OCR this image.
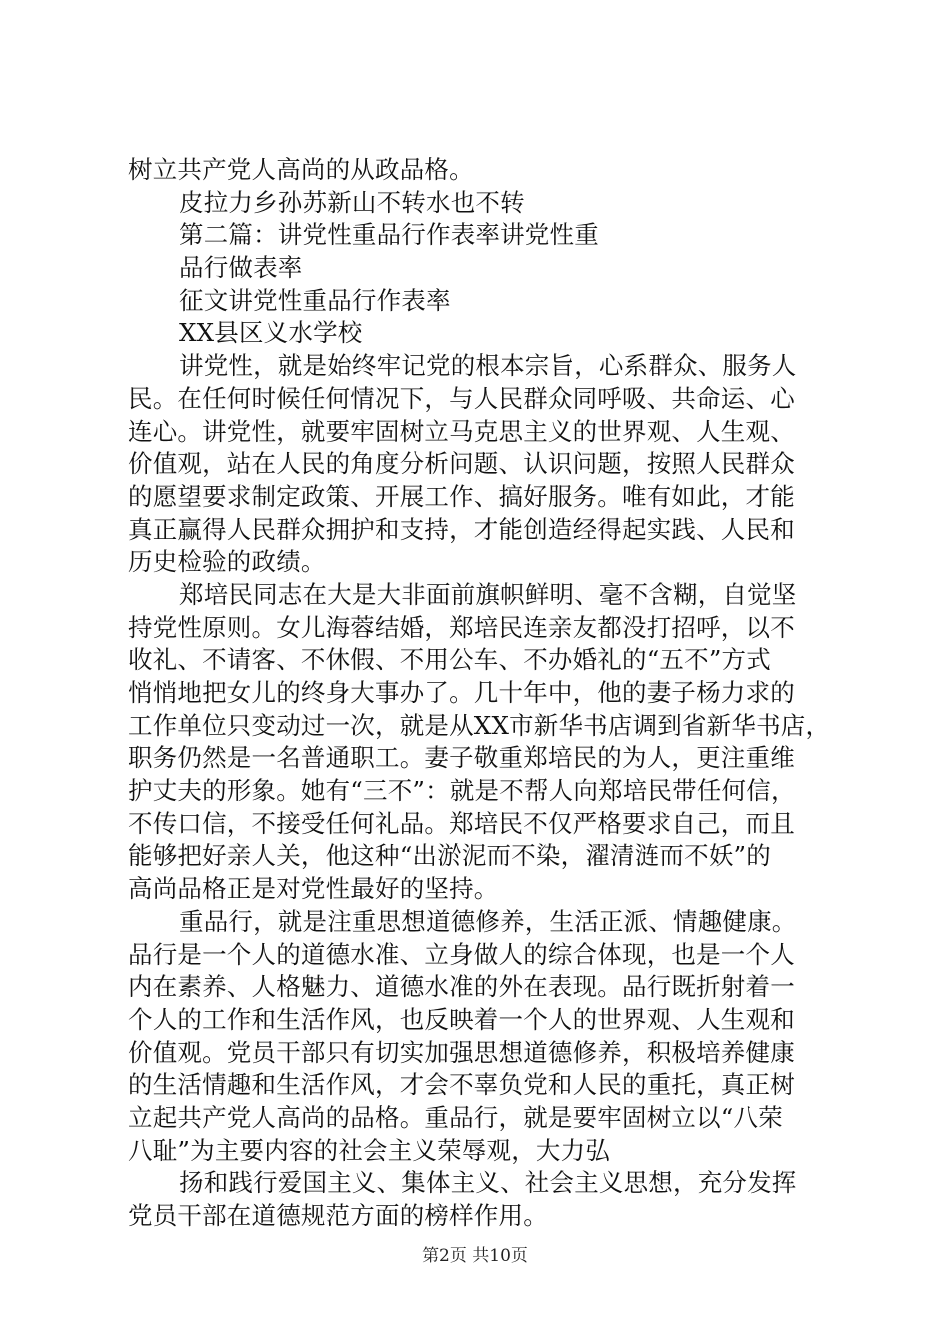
树立共产党人高尚的从政品格。
皮拉力乡孙苏新山不转水也不转
第二篇：讲党性重品行作表率讲党性重
品行做表率
征文讲党性重品行作表率
XX县区义水学校
讲党性，就是始终牢记党的根本宗旨，心系群众、服务人
民。在任何时候任何情况下，与人民群众同呼吸、共命运、心
连心。讲党性，就要牢固树立马克思主义的世界观、人生观、
价值观，站在人民的角度分析问题、认识问题，按照人民群众
的愿望要求制定政策、开展工作、搞好服务。唯有如此，才能
真正赢得人民群众拥护和支持，才能创造经得起实践、人民和
历史检验的政绩。
郑培民同志在大是大非面前旗帜鲜明、毫不含糊，自觉坚
持党性原则。女儿海蓉结婚，郑培民连亲友都没打招呼，以不
收礼、不请客、不休假、不用公车、不办婚礼的“五不”方式
悄悄地把女儿的终身大事办了。几十年中，他的妻子杨力求的
工作单位只变动过一次，就是从XX市新华书店调到省新华书店，
职务仍然是一名普通职工。妻子敬重郑培民的为人，更注重维
护丈夫的形象。她有“三不”：就是不帮人向郑培民带任何信，
不传口信，不接受任何礼品。郑培民不仅严格要求自己，而且
能够把好亲人关，他这种“出淤泥而不染，濯清涟而不妖”的
高尚品格正是对党性最好的坚持。
重品行，就是注重思想道德修养，生活正派、情趣健康。
品行是一个人的道德水准、立身做人的综合体现，也是一个人
内在素养、人格魅力、道德水准的外在表现。品行既折射着一
个人的工作和生活作风，也反映着一个人的世界观、人生观和
价值观。党员干部只有切实加强思想道德修养，积极培养健康
的生活情趣和生活作风，才会不辜负党和人民的重托，真正树
立起共产党人高尚的品格。重品行，就是要牢固树立以“八荣
八耻”为主要内容的社会主义荣辱观，大力弘
扬和践行爱国主义、集体主义、社会主义思想，充分发挥
党员干部在道德规范方面的榜样作用。
第2页 共10页
